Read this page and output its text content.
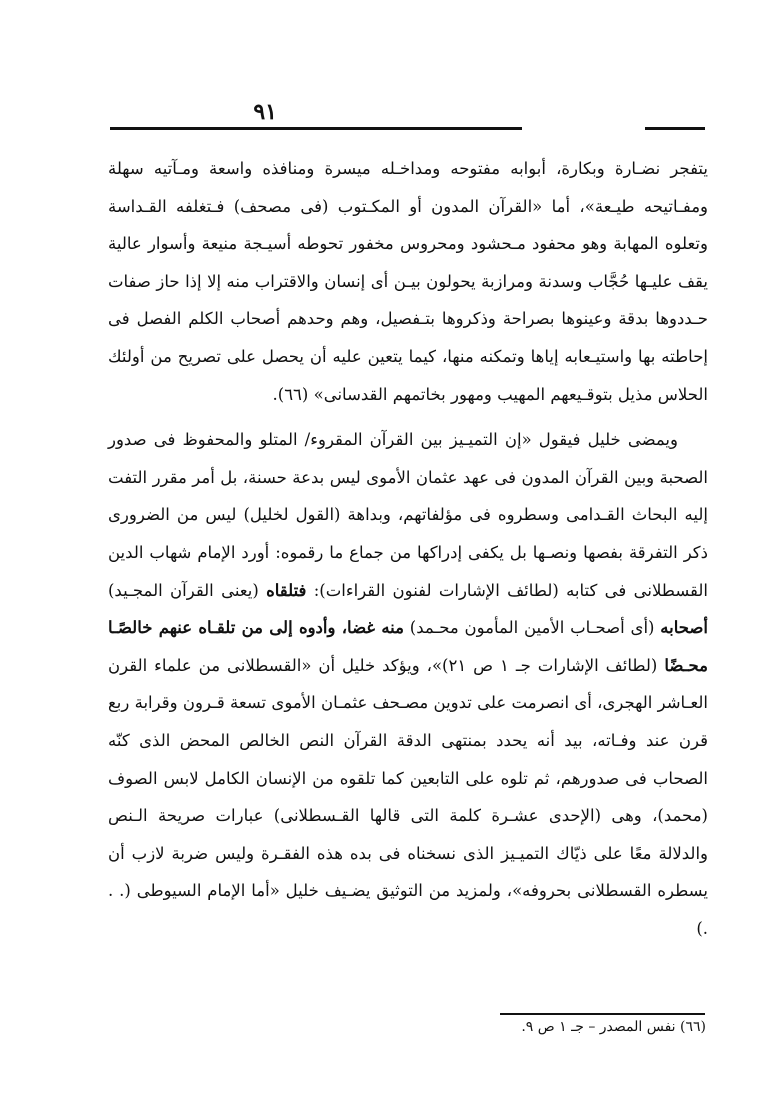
٩١

يتفجر نضـارة وبكارة، أبوابه مفتوحه ومداخـله ميسرة ومنافذه واسعة ومـآتيه سهلة ومفـاتيحه طيـعة»، أما «القرآن المدون أو المكـتوب (فى مصحف) فـتغلفه القـداسة وتعلوه المهابة وهو محفود مـحشود ومحروس مخفور تحوطه أسيـجة منيعة وأسوار عالية يقف عليـها حُجَّاب وسدنة ومرازبة يحولون بيـن أى إنسان والاقتراب منه إلا إذا حاز صفات حـددوها بدقة وعينوها بصراحة وذكروها بتـفصيل، وهم وحدهم أصحاب الكلم الفصل فى إحاطته بها واستيـعابه إياها وتمكنه منها، كيما يتعين عليه أن يحصل على تصريح من أولئك الحلاس مذيل بتوقـيعهم المهيب ومهور بخاتمهم القدسانى» (٦٦).

ويمضى خليل فيقول «إن التميـيز بين القرآن المقروء/ المتلو والمحفوظ فى صدور الصحبة وبين القرآن المدون فى عهد عثمان الأموى ليس بدعة حسنة، بل أمر مقرر التفت إليه البحاث القـدامى وسطروه فى مؤلفاتهم، وبداهة (القول لخليل) ليس من الضرورى ذكر التفرقة بفصها ونصـها بل يكفى إدراكها من جماع ما رقموه: أورد الإمام شهاب الدين القسطلانى فى كتابه (لطائف الإشارات لفنون القراءات): فتلقاه (يعنى القرآن المجـيد) أصحابه (أى أصحـاب الأمين المأمون محـمد) منه غضا، وأدوه إلى من تلقـاه عنهم خالصًـا محـضًا (لطائف الإشارات جـ ١ ص ٢١)»، ويؤكد خليل أن «القسطلانى من علماء القرن العـاشر الهجرى، أى انصرمت على تدوين مصـحف عثمـان الأموى تسعة قـرون وقرابة ربع قرن عند وفـاته، بيد أنه يحدد بمنتهى الدقة القرآن النص الخالص المحض الذى كنّه الصحاب فى صدورهم، ثم تلوه على التابعين كما تلقوه من الإنسان الكامل لابس الصوف (محمد)، وهى (الإحدى عشـرة كلمة التى قالها القـسطلانى) عبارات صريحة الـنص والدلالة معًا على ذيّاك التميـيز الذى نسخناه فى بده هذه الفقـرة وليس ضربة لازب أن يسطره القسطلانى بحروفه»، ولمزيد من التوثيق يضـيف خليل «أما الإمام السيوطى (. . .)

(٦٦) نفس المصدر – جـ ١ ص ٩.
